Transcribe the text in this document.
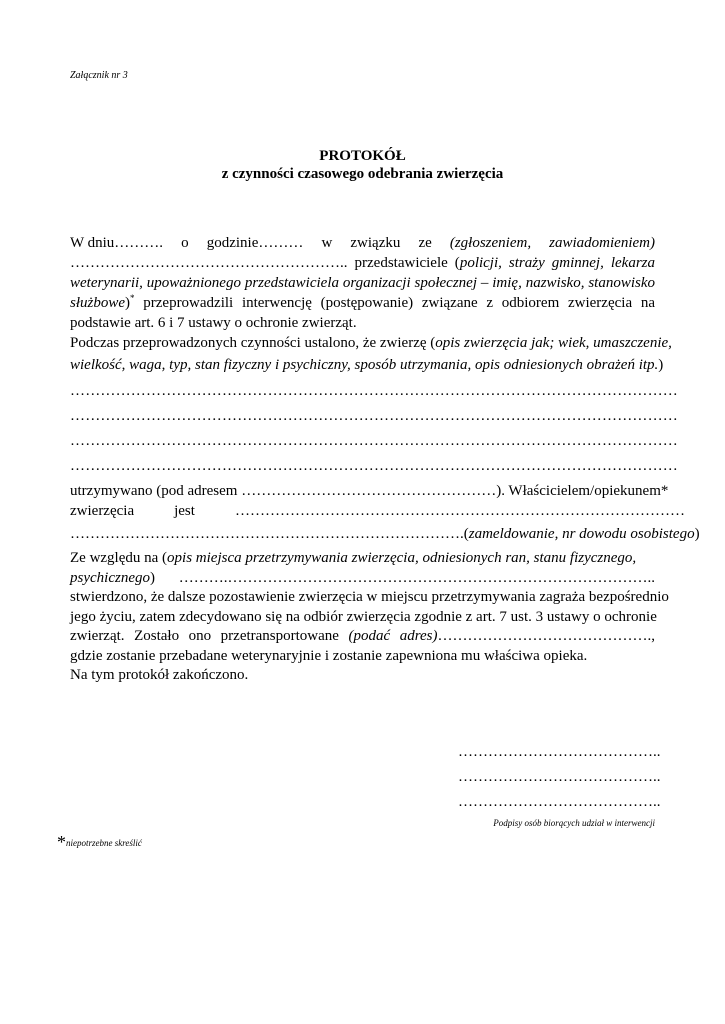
Załącznik nr 3
PROTOKÓŁ
z czynności czasowego odebrania zwierzęcia
W dniu………. o godzinie……… w związku ze (zgłoszeniem, zawiadomieniem)
……………………………………………….. przedstawiciele (policji, straży gminnej, lekarza
weterynarii, upoważnionego przedstawiciela organizacji społecznej – imię, nazwisko, stanowisko
służbowe)* przeprowadzili interwencję (postępowanie) związane z odbiorem zwierzęcia na
podstawie art. 6 i 7 ustawy o ochronie zwierząt.
Podczas przeprowadzonych czynności ustalono, że zwierzę (opis zwierzęcia jak; wiek, umaszczenie,
wielkość, waga, typ, stan fizyczny i psychiczny, sposób utrzymania, opis odniesionych obrażeń itp.)
…………………………………………………………………………………………………………
…………………………………………………………………………………………………………
…………………………………………………………………………………………………………
…………………………………………………………………………………………………………
utrzymywano (pod adresem ……………………………………………). Właścicielem/opiekunem*
zwierzęcia	jest	………………………………………………………………………………
…………………………………………………………………….(zameldowanie, nr dowodu osobistego)
Ze względu na (opis miejsca przetrzymywania zwierzęcia, odniesionych ran, stanu fizycznego,
psychicznego) ……….…………………………………………………………………………..
stwierdzono, że dalsze pozostawienie zwierzęcia w miejscu przetrzymywania zagraża bezpośrednio
jego życiu, zatem zdecydowano się na odbiór zwierzęcia zgodnie z art. 7 ust. 3 ustawy o ochronie
zwierząt. Zostało ono przetransportowane (podać adres)…………………………………….,
gdzie zostanie przebadane weterynaryjnie i zostanie zapewniona mu właściwa opieka.
Na tym protokół zakończono.
…………………………………..
…………………………………..
…………………………………..
Podpisy osób biorących udział w interwencji
*niepotrzebne skreślić
